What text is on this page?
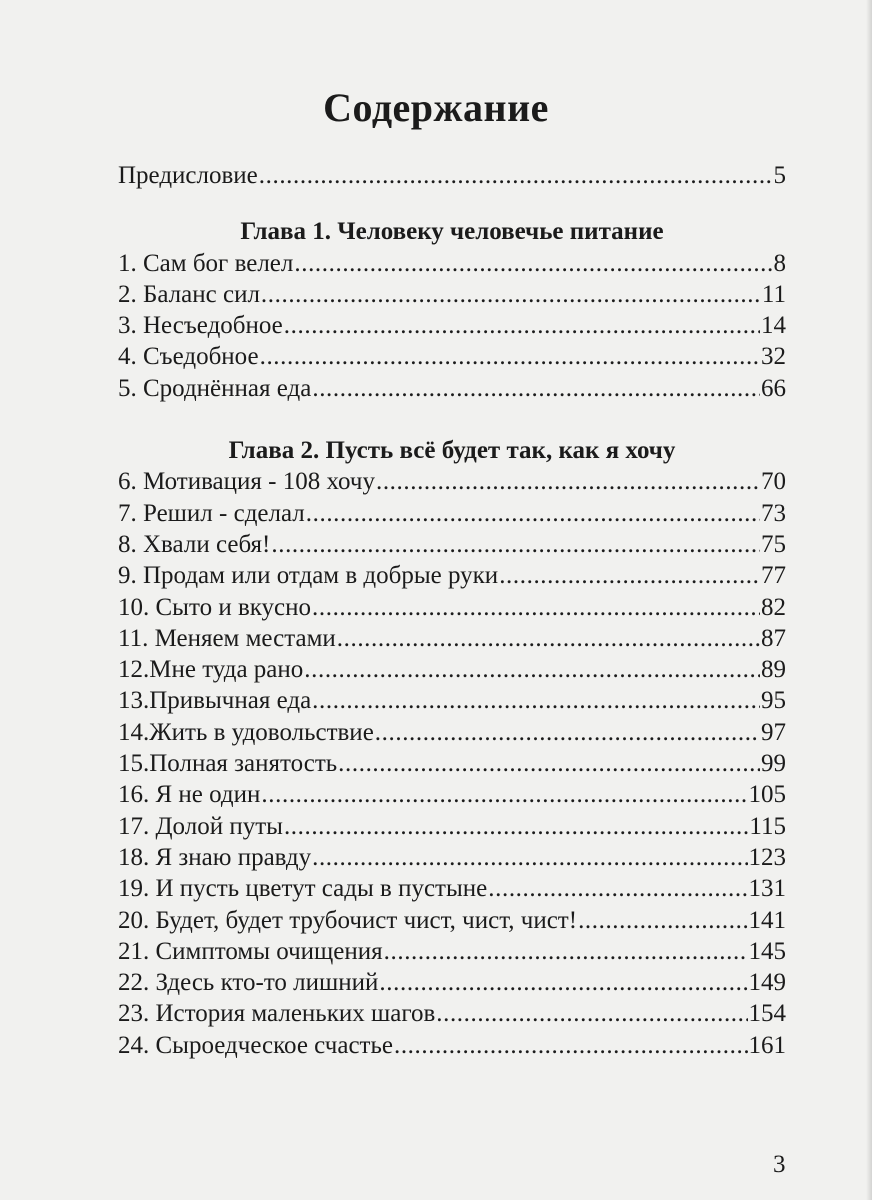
Содержание
Предисловие .....	5
Глава 1. Человеку человечье питание
1. Сам бог велел .....	8
2. Баланс сил .....	11
3. Несъедобное .....	14
4. Съедобное .....	32
5. Сроднённая еда .....	66
Глава 2. Пусть всё будет так, как я хочу
6. Мотивация - 108 хочу .....	70
7. Решил - сделал .....	73
8. Хвали себя! .....	75
9. Продам или отдам в добрые руки .....	77
10. Сыто и вкусно .....	82
11. Меняем местами .....	87
12.Мне туда рано .....	89
13.Привычная еда .....	95
14.Жить в удовольствие .....	97
15.Полная занятость .....	99
16. Я не один .....	105
17. Долой путы .....	115
18. Я знаю правду .....	123
19. И пусть цветут сады в пустыне .....	131
20. Будет, будет трубочист чист, чист, чист! .....	141
21. Симптомы очищения .....	145
22. Здесь кто-то лишний .....	149
23. История маленьких шагов .....	154
24. Сыроедческое счастье .....	161
3
